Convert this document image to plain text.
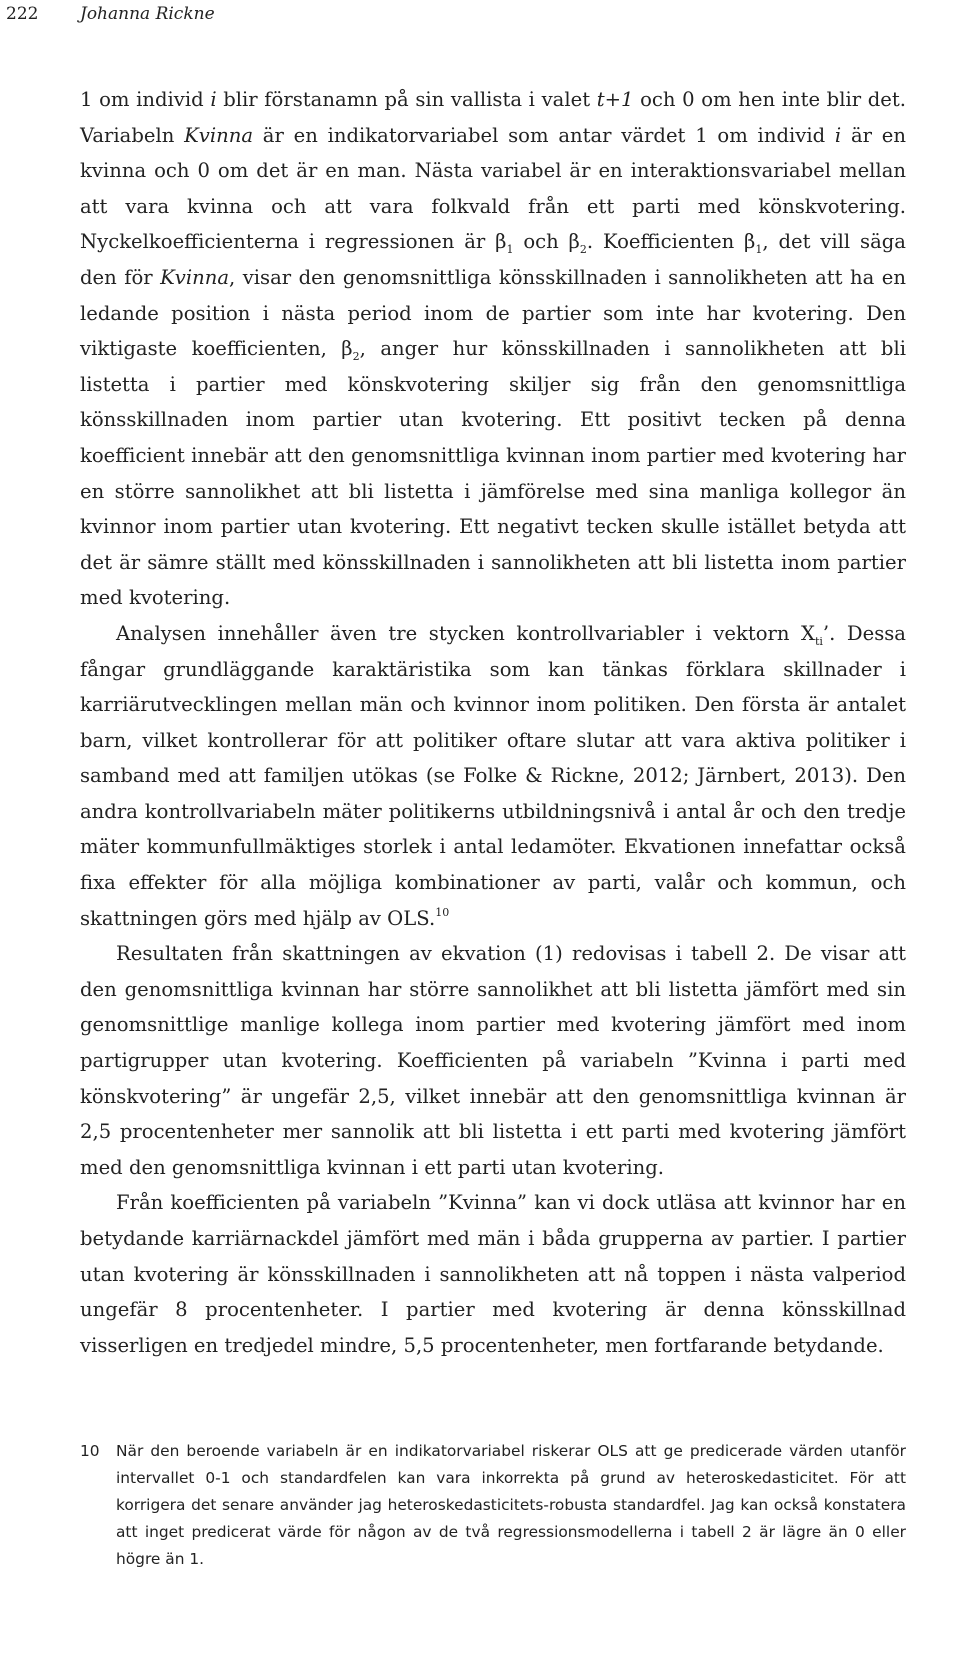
222 Johanna Rickne

1 om individ i blir förstanamn på sin vallista i valet t+1 och 0 om hen inte blir det. Variabeln Kvinna är en indikatorvariabel som antar värdet 1 om individ i är en kvinna och 0 om det är en man. Nästa variabel är en interaktionsvariabel mellan att vara kvinna och att vara folkvald från ett parti med könskvotering. Nyckelkoefficienterna i regressionen är $\beta_1$ och $\beta_2$. Koefficienten $\beta_1$, det vill säga den för Kvinna, visar den genomsnittliga könsskillnaden i sannolikheten att ha en ledande position i nästa period inom de partier som inte har kvotering. Den viktigaste koefficienten, $\beta_2$, anger hur könsskillnaden i sannolikheten att bli listetta i partier med könskvotering skiljer sig från den genomsnittliga könsskillnaden inom partier utan kvotering. Ett positivt tecken på denna koefficient innebär att den genomsnittliga kvinnan inom partier med kvotering har en större sannolikhet att bli listetta i jämförelse med sina manliga kollegor än kvinnor inom partier utan kvotering. Ett negativt tecken skulle istället betyda att det är sämre ställt med könsskillnaden i sannolikheten att bli listetta inom partier med kvotering.

Analysen innehåller även tre stycken kontrollvariabler i vektorn $X_{ti}$’. Dessa fångar grundläggande karaktäristika som kan tänkas förklara skillnader i karriärutvecklingen mellan män och kvinnor inom politiken. Den första är antalet barn, vilket kontrollerar för att politiker oftare slutar att vara aktiva politiker i samband med att familjen utökas (se Folke & Rickne, 2012; Järnbert, 2013). Den andra kontrollvariabeln mäter politikerns utbildningsnivå i antal år och den tredje mäter kommunfullmäktiges storlek i antal ledamöter. Ekvationen innefattar också fixa effekter för alla möjliga kombinationer av parti, valår och kommun, och skattningen görs med hjälp av OLS.$^{10}$

Resultaten från skattningen av ekvation (1) redovisas i tabell 2. De visar att den genomsnittliga kvinnan har större sannolikhet att bli listetta jämfört med sin genomsnittlige manlige kollega inom partier med kvotering jämfört med inom partigrupper utan kvotering. Koefficienten på variabeln ”Kvinna i parti med könskvotering” är ungefär 2,5, vilket innebär att den genomsnittliga kvinnan är 2,5 procentenheter mer sannolik att bli listetta i ett parti med kvotering jämfört med den genomsnittliga kvinnan i ett parti utan kvotering.

Från koefficienten på variabeln ”Kvinna” kan vi dock utläsa att kvinnor har en betydande karriärnackdel jämfört med män i båda grupperna av partier. I partier utan kvotering är könsskillnaden i sannolikheten att nå toppen i nästa valperiod ungefär 8 procentenheter. I partier med kvotering är denna könsskillnad visserligen en tredjedel mindre, 5,5 procentenheter, men fortfarande betydande.

10 När den beroende variabeln är en indikatorvariabel riskerar OLS att ge predicerade värden utanför intervallet 0-1 och standardfelen kan vara inkorrekta på grund av heteroskedasticitet. För att korrigera det senare använder jag heteroskedasticitets-robusta standardfel. Jag kan också konstatera att inget predicerat värde för någon av de två regressionsmodellerna i tabell 2 är lägre än 0 eller högre än 1.
